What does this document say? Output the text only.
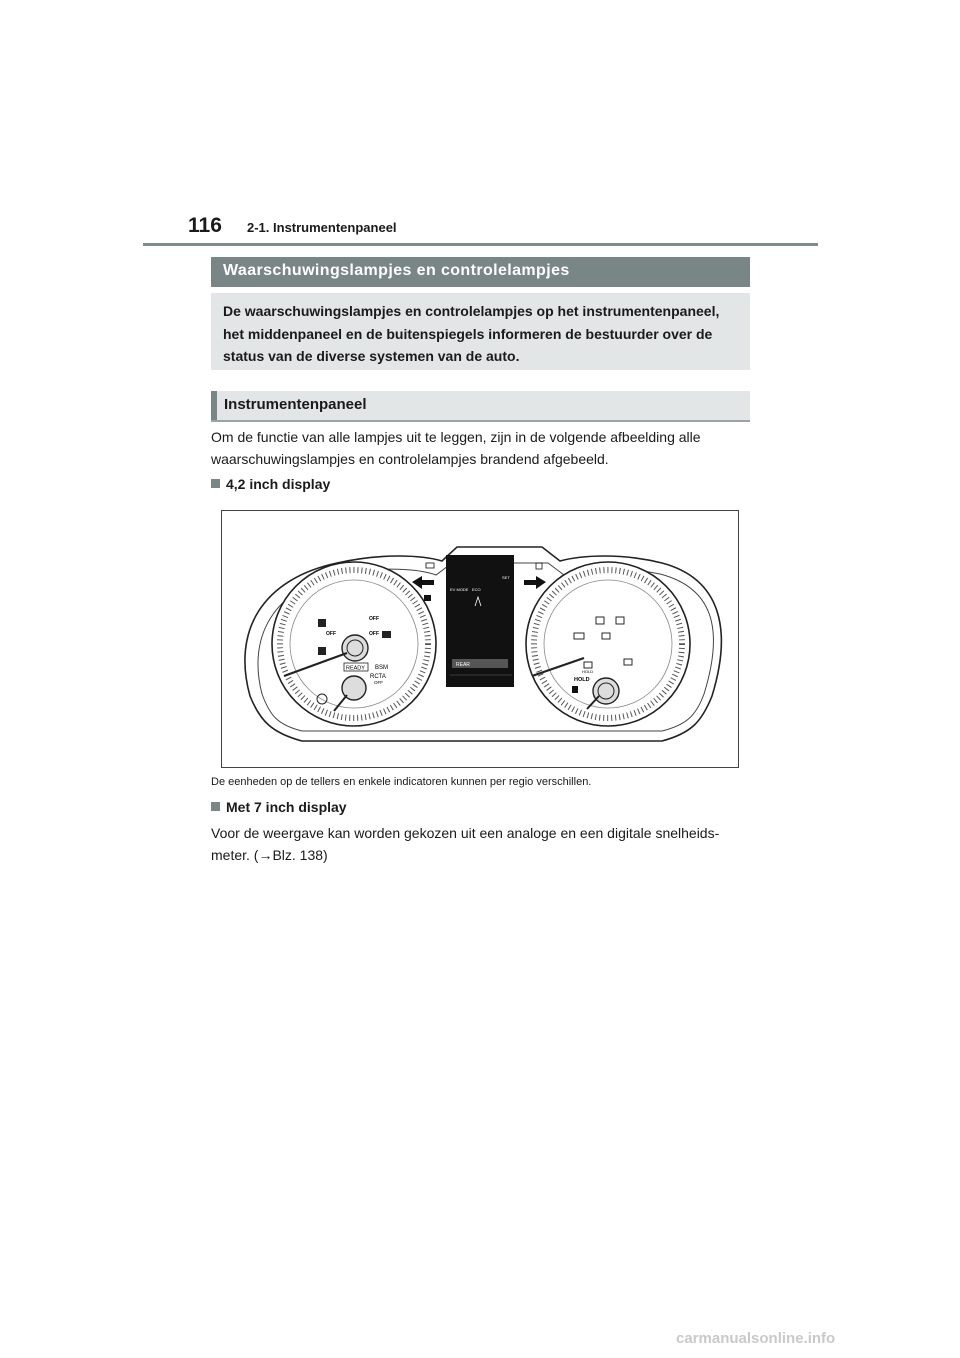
116 2-1. Instrumentenpaneel
Waarschuwingslampjes en controlelampjes
De waarschuwingslampjes en controlelampjes op het instrumentenpaneel, het middenpaneel en de buitenspiegels informeren de bestuurder over de status van de diverse systemen van de auto.
Instrumentenpaneel
Om de functie van alle lampjes uit te leggen, zijn in de volgende afbeelding alle waarschuwingslampjes en controlelampjes brandend afgebeeld.
4,2 inch display
OFF
OFF
OFF
READY BSM
RCTA
OFF
EV MODE ECO
SET
REAR
HOLD
HOLD
De eenheden op de tellers en enkele indicatoren kunnen per regio verschillen.
Met 7 inch display
Voor de weergave kan worden gekozen uit een analoge en een digitale snelheids-meter. (→Blz. 138)
carmanualsonline.info
